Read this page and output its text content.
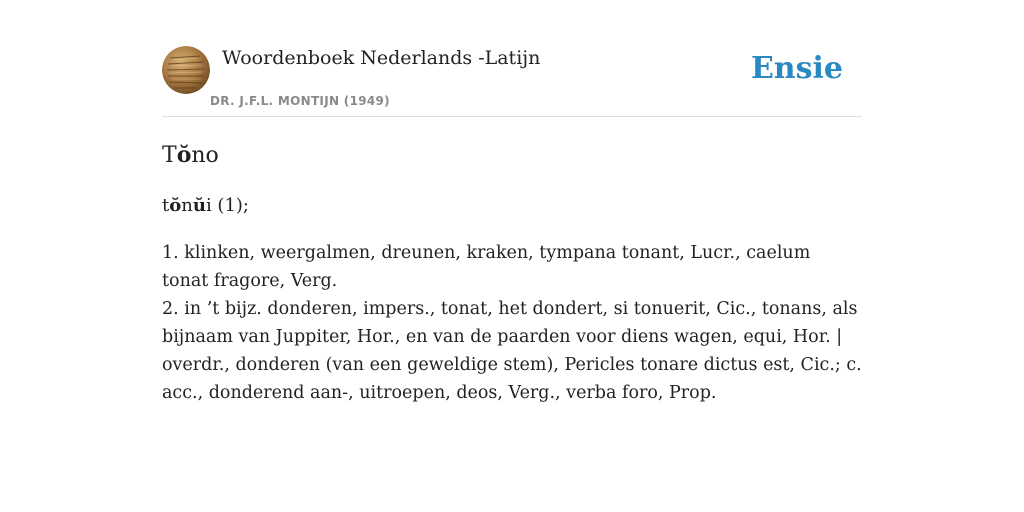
Woordenboek Nederlands -Latijn
DR. J.F.L. MONTIJN (1949)
Ensie
Tŏno

tŏnŭi (1);

1. klinken, weergalmen, dreunen, kraken, tympana tonant, Lucr., caelum tonat fragore, Verg.
2. in ’t bijz. donderen, impers., tonat, het dondert, si tonuerit, Cic., tonans, als bijnaam van Juppiter, Hor., en van de paarden voor diens wagen, equi, Hor. | overdr., donderen (van een geweldige stem), Pericles tonare dictus est, Cic.; c. acc., donderend aan-, uitroepen, deos, Verg., verba foro, Prop.
